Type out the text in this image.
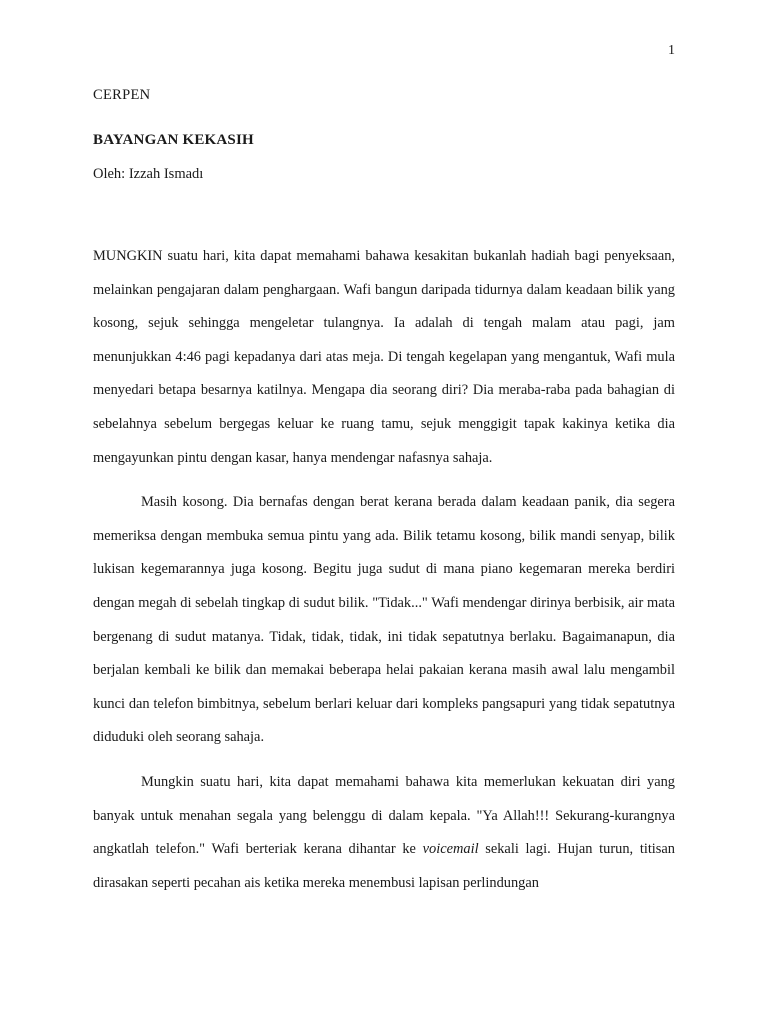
1
CERPEN
BAYANGAN KEKASIH
Oleh: Izzah Ismadı

MUNGKIN suatu hari, kita dapat memahami bahawa kesakitan bukanlah hadiah bagi penyeksaan, melainkan pengajaran dalam penghargaan. Wafi bangun daripada tidurnya dalam keadaan bilik yang kosong, sejuk sehingga mengeletar tulangnya. Ia adalah di tengah malam atau pagi, jam menunjukkan 4:46 pagi kepadanya dari atas meja. Di tengah kegelapan yang mengantuk, Wafi mula menyedari betapa besarnya katilnya. Mengapa dia seorang diri? Dia meraba-raba pada bahagian di sebelahnya sebelum bergegas keluar ke ruang tamu, sejuk menggigit tapak kakinya ketika dia mengayunkan pintu dengan kasar, hanya mendengar nafasnya sahaja.

Masih kosong. Dia bernafas dengan berat kerana berada dalam keadaan panik, dia segera memeriksa dengan membuka semua pintu yang ada. Bilik tetamu kosong, bilik mandi senyap, bilik lukisan kegemarannya juga kosong. Begitu juga sudut di mana piano kegemaran mereka berdiri dengan megah di sebelah tingkap di sudut bilik. "Tidak..." Wafi mendengar dirinya berbisik, air mata bergenang di sudut matanya. Tidak, tidak, tidak, ini tidak sepatutnya berlaku. Bagaimanapun, dia berjalan kembali ke bilik dan memakai beberapa helai pakaian kerana masih awal lalu mengambil kunci dan telefon bimbitnya, sebelum berlari keluar dari kompleks pangsapuri yang tidak sepatutnya diduduki oleh seorang sahaja.

Mungkin suatu hari, kita dapat memahami bahawa kita memerlukan kekuatan diri yang banyak untuk menahan segala yang belenggu di dalam kepala. "Ya Allah!!! Sekurang-kurangnya angkatlah telefon." Wafi berteriak kerana dihantar ke voicemail sekali lagi. Hujan turun, titisan dirasakan seperti pecahan ais ketika mereka menembusi lapisan perlindungan
